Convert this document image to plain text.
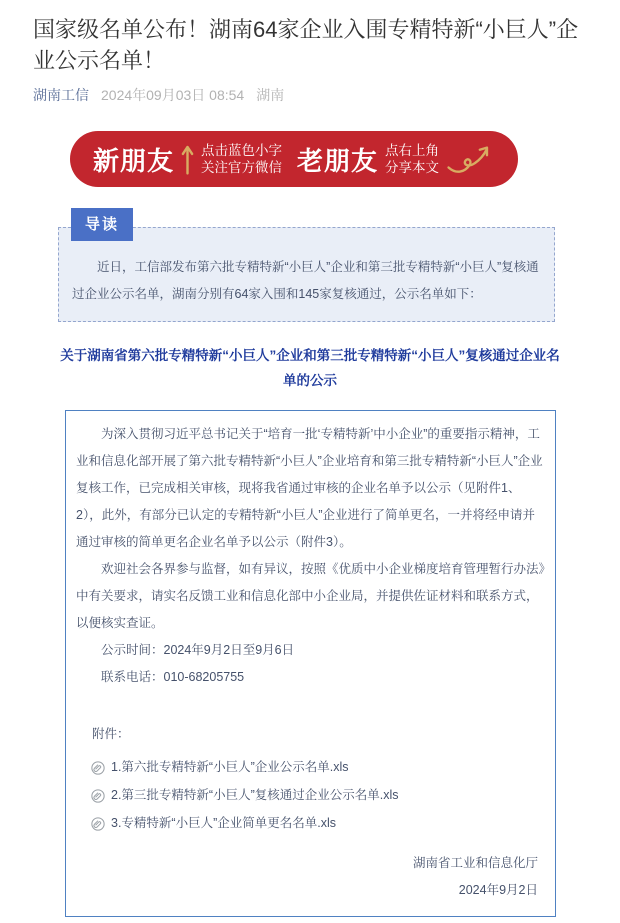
国家级名单公布！湖南64家企业入围专精特新“小巨人”企业公示名单！
湖南工信 2024年09月03日 08:54 湖南
新朋友 点击蓝色小字
关注官方微信 老朋友 点右上角
分享本文
导读

近日，工信部发布第六批专精特新“小巨人”企业和第三批专精特新“小巨人”复核通过企业公示名单，湖南分别有64家入围和145家复核通过，公示名单如下：

关于湖南省第六批专精特新“小巨人”企业和第三批专精特新“小巨人”复核通过企业名单的公示

为深入贯彻习近平总书记关于“培育一批‘专精特新’中小企业”的重要指示精神，工业和信息化部开展了第六批专精特新“小巨人”企业培育和第三批专精特新“小巨人”企业复核工作，已完成相关审核，现将我省通过审核的企业名单予以公示（见附件1、2），此外，有部分已认定的专精特新“小巨人”企业进行了简单更名，一并将经申请并通过审核的简单更名企业名单予以公示（附件3）。

欢迎社会各界参与监督，如有异议，按照《优质中小企业梯度培育管理暂行办法》中有关要求，请实名反馈工业和信息化部中小企业局，并提供佐证材料和联系方式，以便核实查证。

公示时间：2024年9月2日至9月6日

联系电话：010-68205755

附件：

1.第六批专精特新“小巨人”企业公示名单.xls
2.第三批专精特新“小巨人”复核通过企业公示名单.xls
3.专精特新“小巨人”企业简单更名名单.xls

湖南省工业和信息化厅

2024年9月2日
